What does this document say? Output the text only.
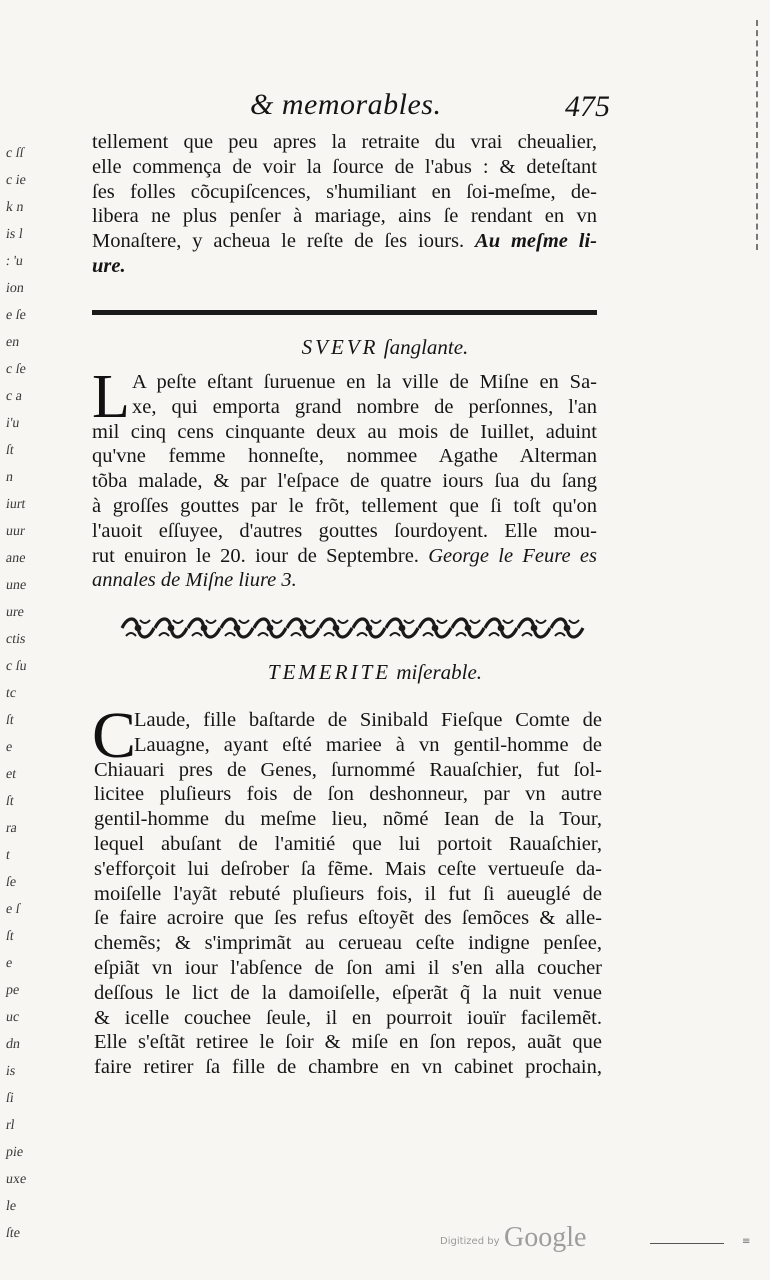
c ſſ
c ie
k n
is l
: 'u
ion
e ſe
en
c ſe
c a
i'u
ſt
n
iurt
uur
ane
une
ure
ctis
c ſu
tc
ſt
e
et
ſt
ra
t
ſe
e ſ
ſt
e
pe
uc
dn
is
ſi
rl
pie
uxe
le
ſte
& memorables.	475
tellement que peu apres la retraite du vrai cheualier,
elle commença de voir la ſource de l'abus : & deteſtant
ſes folles cõcupiſcences, s'humiliant en ſoi-meſme, de-
libera ne plus penſer à mariage, ains ſe rendant en vn
Monaſtere, y acheua le reſte de ſes iours. Au meſme li-
ure.
SVEVR ſanglante.
L A peſte eſtant ſuruenue en la ville de Miſne en Sa-
xe, qui emporta grand nombre de perſonnes, l'an
mil cinq cens cinquante deux au mois de Iuillet, aduint
qu'vne femme honneſte, nommee Agathe Alterman
tõba malade, & par l'eſpace de quatre iours ſua du ſang
à groſſes gouttes par le frõt, tellement que ſi toſt qu'on
l'auoit eſſuyee, d'autres gouttes ſourdoyent. Elle mou-
rut enuiron le 20. iour de Septembre. George le Feure es
annales de Miſne liure 3.
TEMERITE miſerable.
C
Laude, fille baſtarde de Sinibald Fieſque Comte de
Lauagne, ayant eſté mariee à vn gentil-homme de
Chiauari pres de Genes, ſurnommé Rauaſchier, fut ſol-
licitee pluſieurs fois de ſon deshonneur, par vn autre
gentil-homme du meſme lieu, nõmé Iean de la Tour,
lequel abuſant de l'amitié que lui portoit Rauaſchier,
s'efforçoit lui deſrober ſa fẽme. Mais ceſte vertueuſe da-
moiſelle l'ayãt rebuté pluſieurs fois, il fut ſi aueuglé de
ſe faire acroire que ſes refus eſtoyẽt des ſemõces & alle-
chemẽs; & s'imprimãt au cerueau ceſte indigne penſee,
eſpiãt vn iour l'abſence de ſon ami il s'en alla coucher
deſſous le lict de la damoiſelle, eſperãt q̃ la nuit venue
& icelle couchee ſeule, il en pourroit iouïr facilemẽt.
Elle s'eſtãt retiree le ſoir & miſe en ſon repos, auãt que
faire retirer ſa fille de chambre en vn cabinet prochain,
Digitized by Google	≡
